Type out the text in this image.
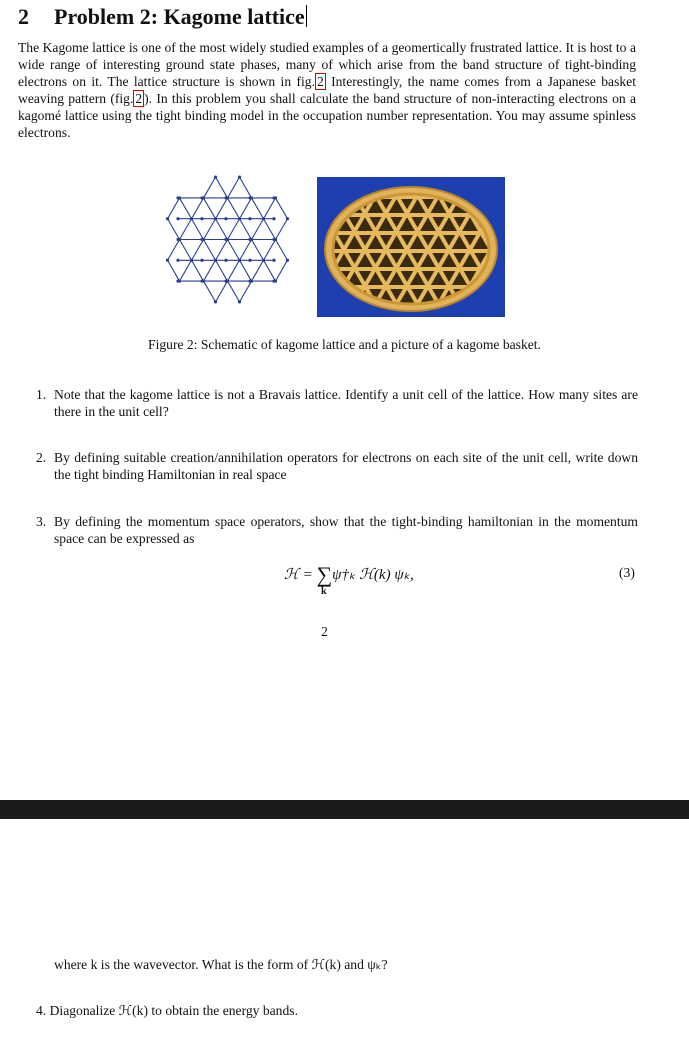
2 Problem 2: Kagome lattice
The Kagome lattice is one of the most widely studied examples of a geomertically frustrated lattice. It is host to a wide range of interesting ground state phases, many of which arise from the band structure of tight-binding electrons on it. The lattice structure is shown in fig. 2 Interestingly, the name comes from a Japanese basket weaving pattern (fig. 2 ). In this problem you shall calculate the band structure of non-interacting electrons on a kagomé lattice using the tight binding model in the occupation number representation. You may assume spinless electrons.
Figure 2: Schematic of kagome lattice and a picture of a kagome basket.
1. Note that the kagome lattice is not a Bravais lattice. Identify a unit cell of the lattice. How many sites are there in the unit cell?
2. By defining suitable creation/annihilation operators for electrons on each site of the unit cell, write down the tight binding Hamiltonian in real space
3. By defining the momentum space operators, show that the tight-binding hamiltonian in the momentum space can be expressed as
ℋ = ∑ψ†ₖ ℋ(k) ψₖ,
k
(3)
2
where k is the wavevector. What is the form of ℋ(k) and ψₖ?
4. Diagonalize ℋ(k) to obtain the energy bands.
